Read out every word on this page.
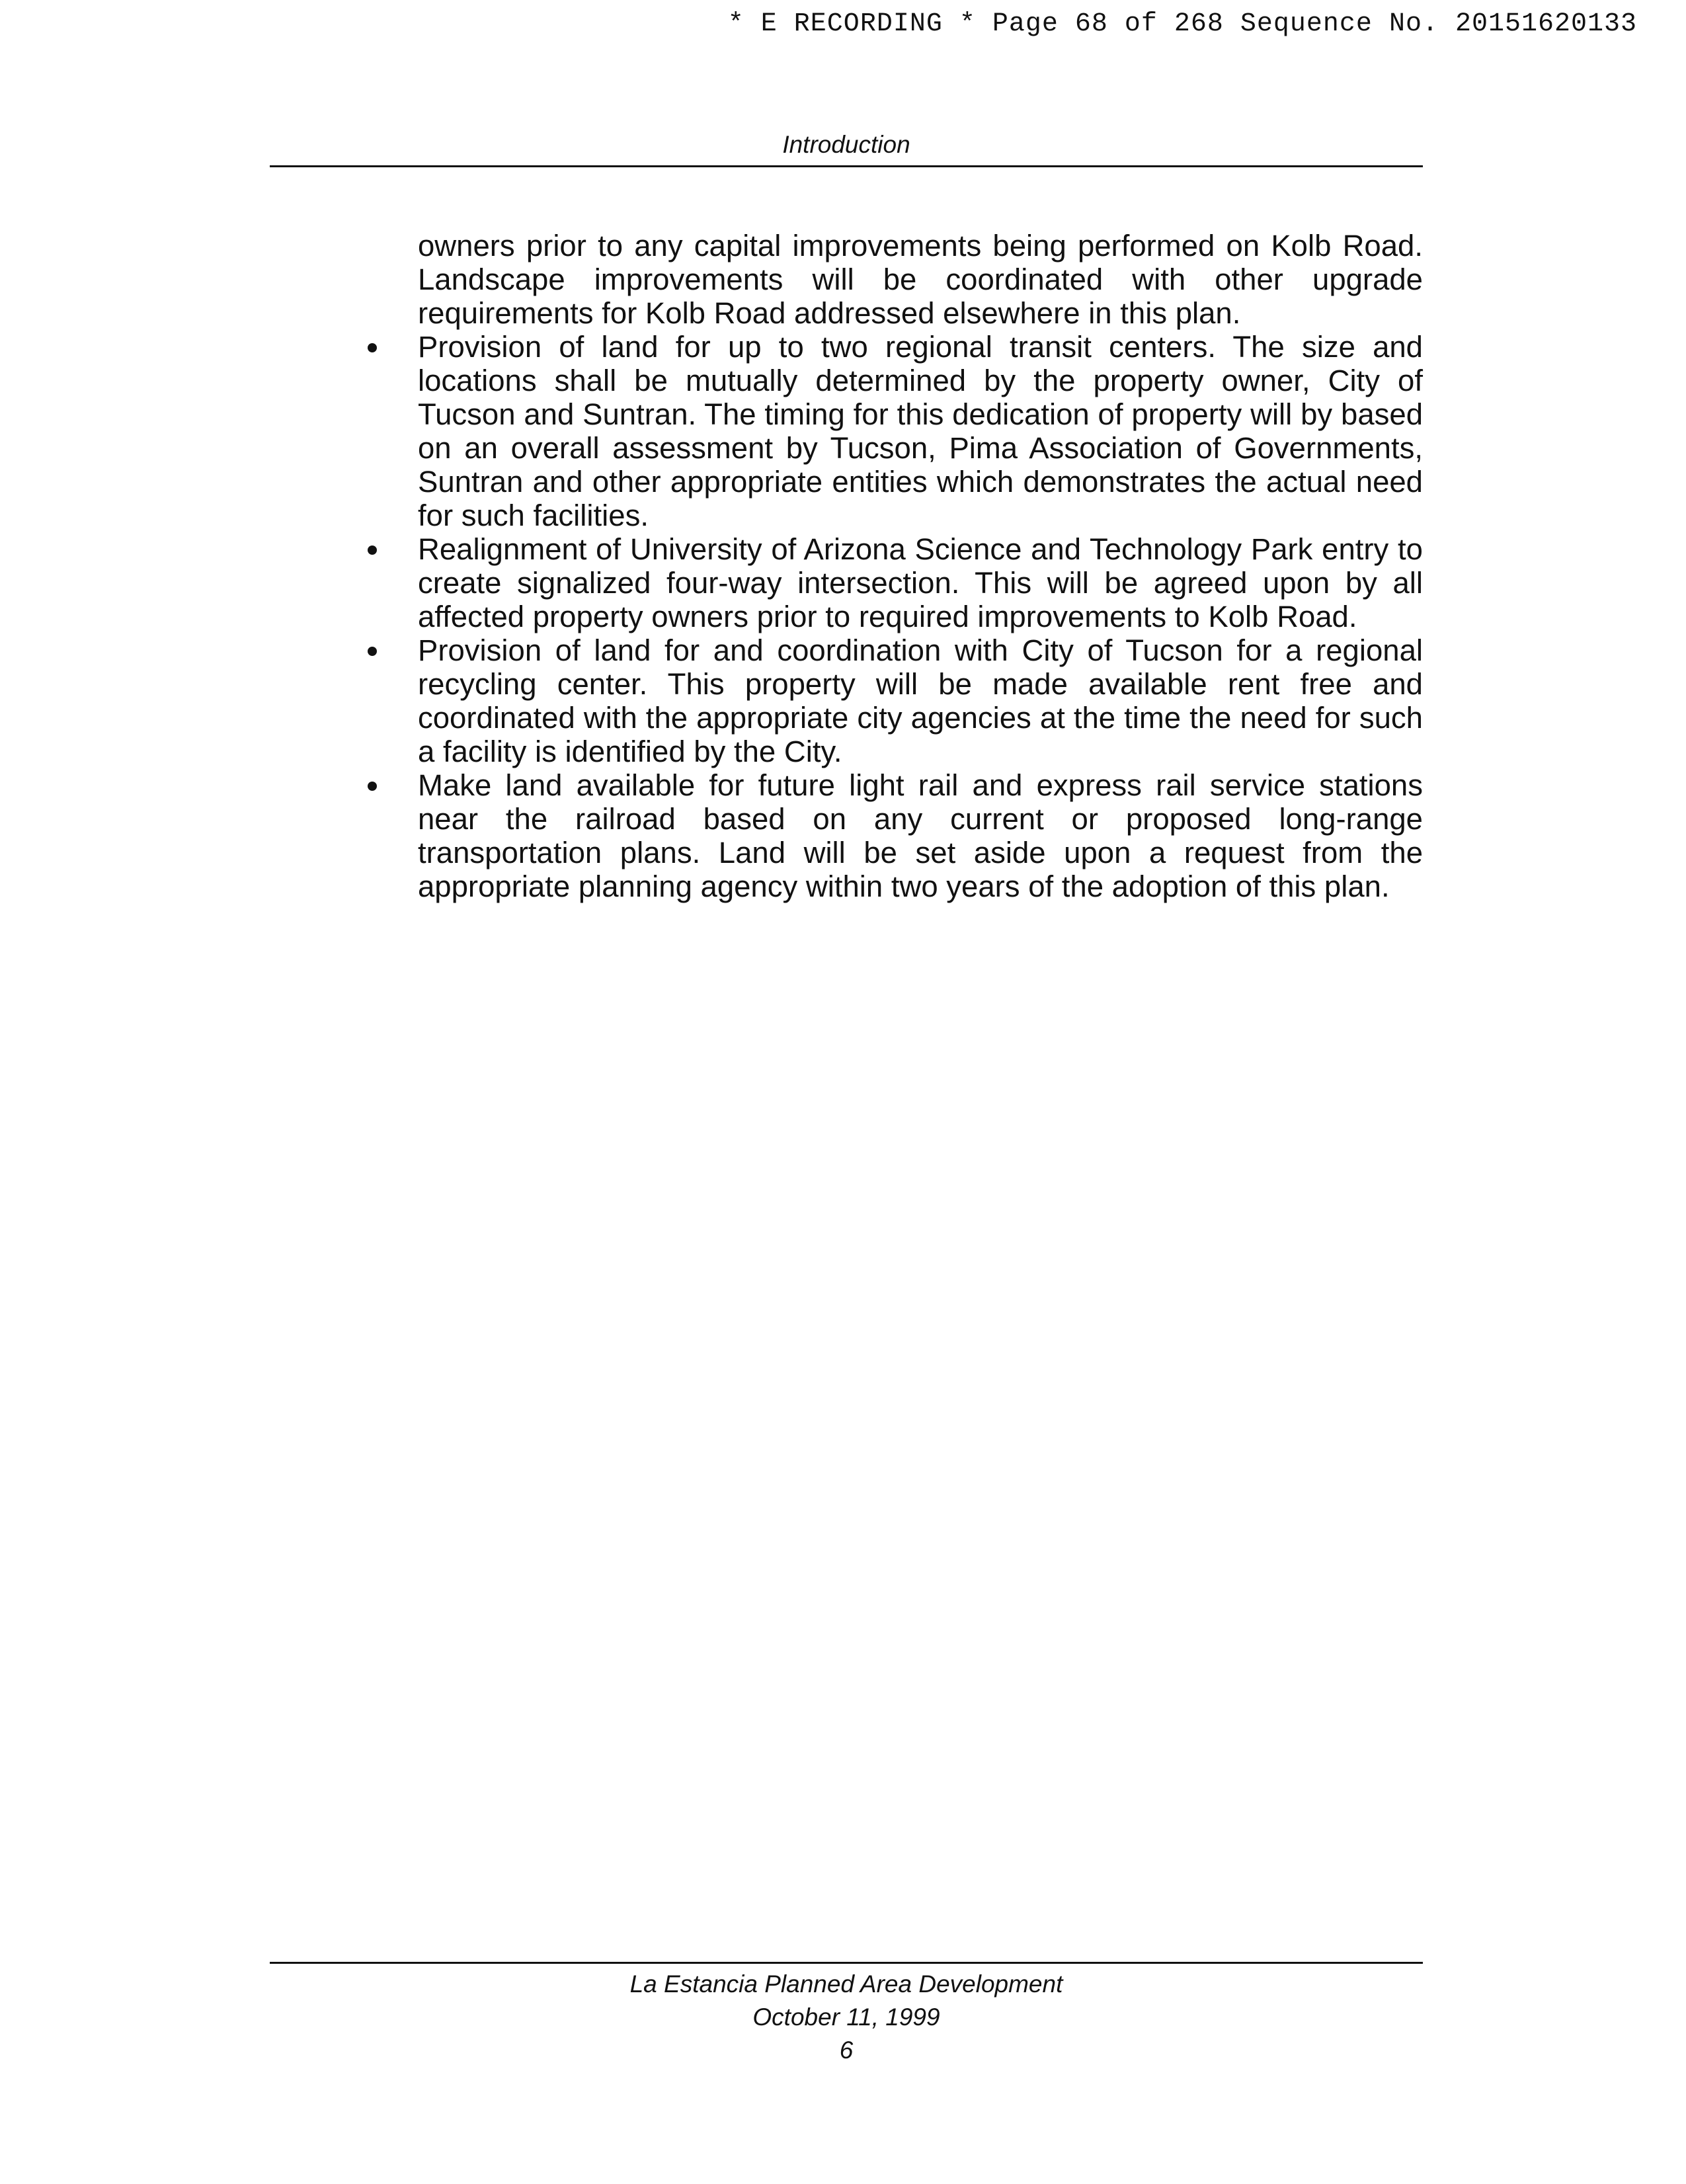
* E RECORDING * Page 68 of 268 Sequence No. 20151620133
Introduction

owners prior to any capital improvements being performed on Kolb Road. Landscape improvements will be coordinated with other upgrade requirements for Kolb Road addressed elsewhere in this plan.

Provision of land for up to two regional transit centers. The size and locations shall be mutually determined by the property owner, City of Tucson and Suntran. The timing for this dedication of property will by based on an overall assessment by Tucson, Pima Association of Governments, Suntran and other appropriate entities which demonstrates the actual need for such facilities.
Realignment of University of Arizona Science and Technology Park entry to create signalized four-way intersection. This will be agreed upon by all affected property owners prior to required improvements to Kolb Road.
Provision of land for and coordination with City of Tucson for a regional recycling center. This property will be made available rent free and coordinated with the appropriate city agencies at the time the need for such a facility is identified by the City.
Make land available for future light rail and express rail service stations near the railroad based on any current or proposed long-range transportation plans. Land will be set aside upon a request from the appropriate planning agency within two years of the adoption of this plan.
La Estancia Planned Area Development
October 11, 1999
6
